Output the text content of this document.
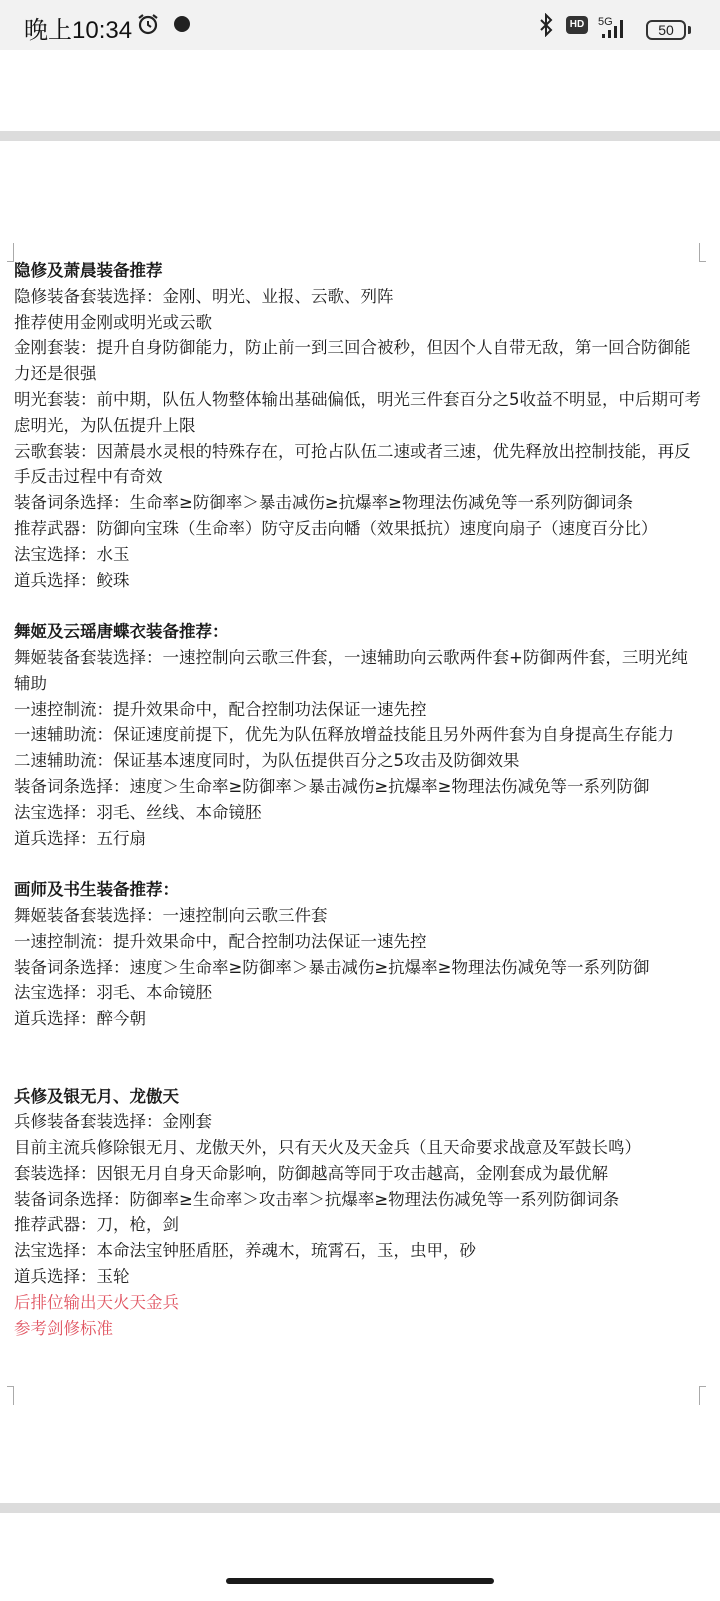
晚上10:34	HD	5G	50
隐修及萧晨装备推荐
隐修装备套装选择：金刚、明光、业报、云歌、列阵
推荐使用金刚或明光或云歌
金刚套装：提升自身防御能力，防止前一到三回合被秒，但因个人自带无敌，第一回合防御能力还是很强
明光套装：前中期，队伍人物整体输出基础偏低，明光三件套百分之5收益不明显，中后期可考虑明光，为队伍提升上限
云歌套装：因萧晨水灵根的特殊存在，可抢占队伍二速或者三速，优先释放出控制技能，再反手反击过程中有奇效
装备词条选择：生命率≥防御率＞暴击减伤≥抗爆率≥物理法伤减免等一系列防御词条
推荐武器：防御向宝珠（生命率）防守反击向幡（效果抵抗）速度向扇子（速度百分比）
法宝选择：水玉
道兵选择：鲛珠
舞姬及云瑶唐蝶衣装备推荐：
舞姬装备套装选择：一速控制向云歌三件套，一速辅助向云歌两件套+防御两件套，三明光纯辅助
一速控制流：提升效果命中，配合控制功法保证一速先控
一速辅助流：保证速度前提下，优先为队伍释放增益技能且另外两件套为自身提高生存能力
二速辅助流：保证基本速度同时，为队伍提供百分之5攻击及防御效果
装备词条选择：速度＞生命率≥防御率＞暴击减伤≥抗爆率≥物理法伤减免等一系列防御
法宝选择：羽毛、丝线、本命镜胚
道兵选择：五行扇
画师及书生装备推荐：
舞姬装备套装选择：一速控制向云歌三件套
一速控制流：提升效果命中，配合控制功法保证一速先控
装备词条选择：速度＞生命率≥防御率＞暴击减伤≥抗爆率≥物理法伤减免等一系列防御
法宝选择：羽毛、本命镜胚
道兵选择：醉今朝
兵修及银无月、龙傲天
兵修装备套装选择：金刚套
目前主流兵修除银无月、龙傲天外，只有天火及天金兵（且天命要求战意及军鼓长鸣）
套装选择：因银无月自身天命影响，防御越高等同于攻击越高，金刚套成为最优解
装备词条选择：防御率≥生命率＞攻击率＞抗爆率≥物理法伤减免等一系列防御词条
推荐武器：刀，枪，剑
法宝选择：本命法宝钟胚盾胚，养魂木，琉霄石，玉，虫甲，砂
道兵选择：玉轮
后排位输出天火天金兵
参考剑修标准
